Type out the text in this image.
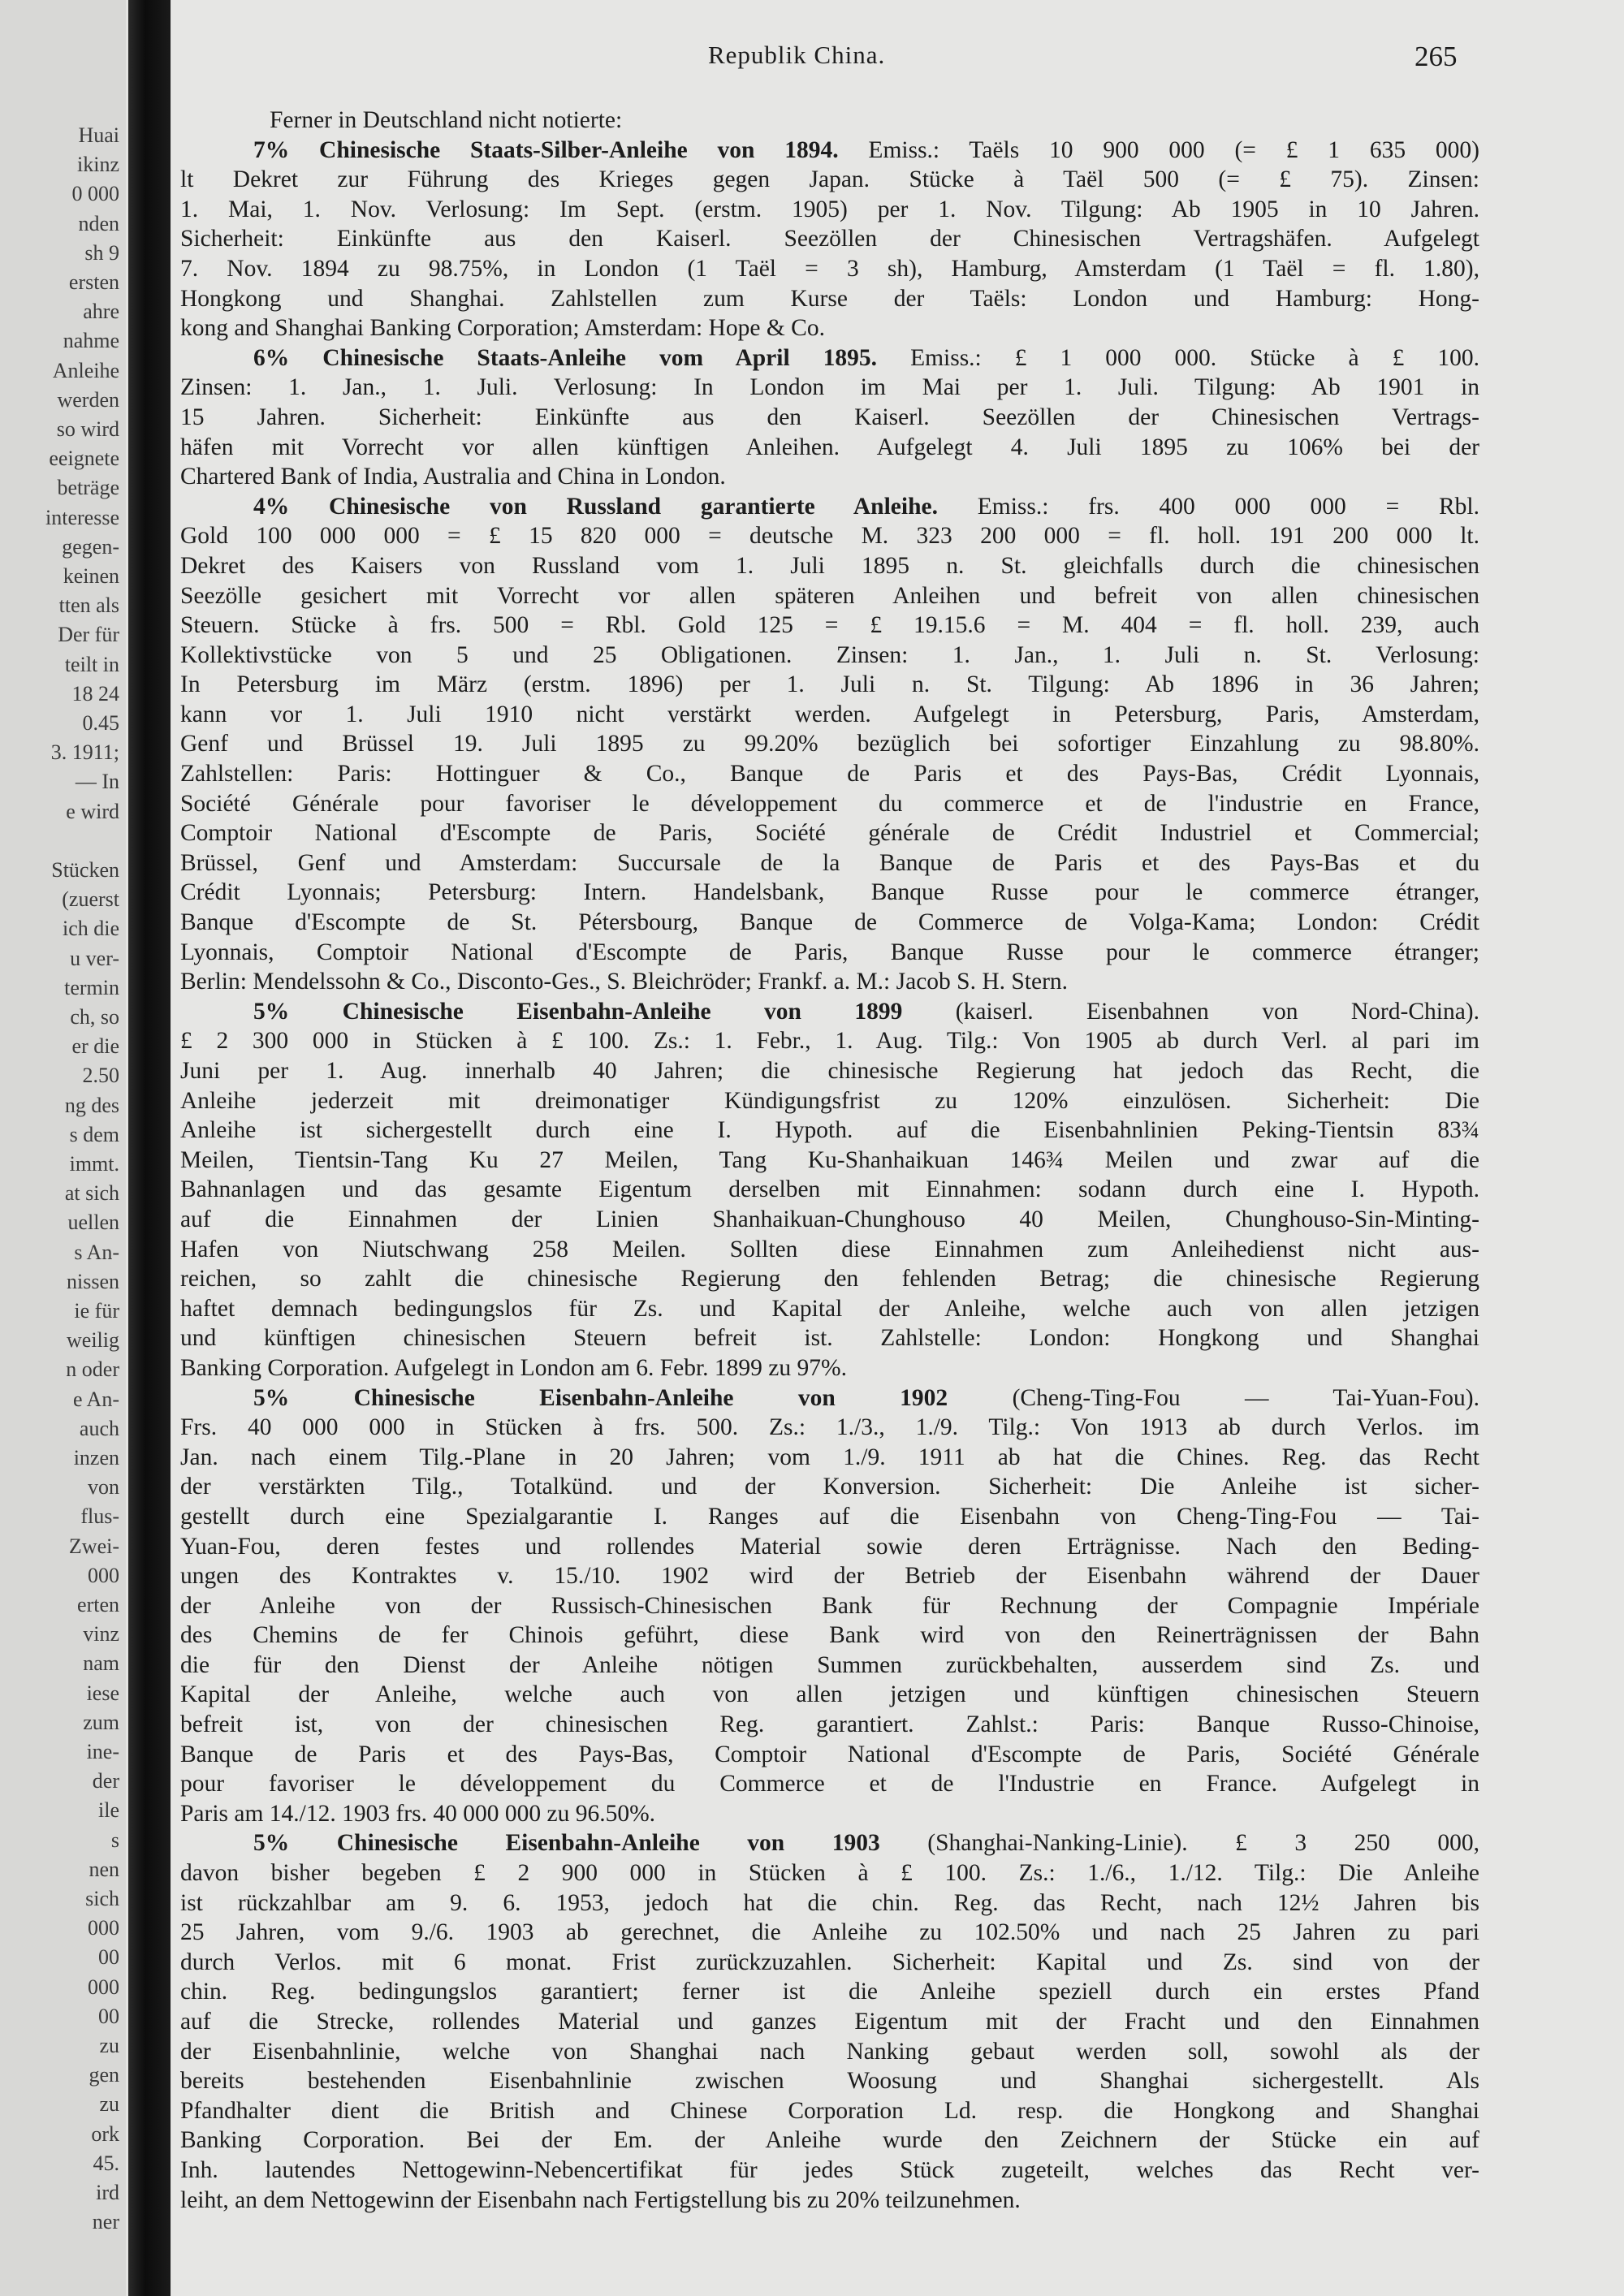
Huai
ikinz
0 000
nden
sh 9
ersten
ahre
nahme
Anleihe
werden
so wird
eeignete
beträge
interesse
gegen-
keinen
tten als
Der für
teilt in
18 24
0.45
3. 1911;
— In
e wird
Stücken
(zuerst
ich die
u ver-
termin
ch, so
er die
2.50
ng des
s dem
immt.
at sich
uellen
s An-
nissen
ie für
weilig
n oder
e An-
auch
inzen
von
flus-
Zwei-
000
erten
vinz
nam
iese
zum
ine-
der
ile
s
nen
sich
000
00
000
00
zu
gen
zu
ork
45.
ird
ner
Republik China.	265
Ferner in Deutschland nicht notierte:
7% Chinesische Staats-Silber-Anleihe von 1894. Emiss.: Taëls 10 900 000 (= £ 1 635 000)
lt Dekret zur Führung des Krieges gegen Japan. Stücke à Taël 500 (= £ 75). Zinsen:
1. Mai, 1. Nov. Verlosung: Im Sept. (erstm. 1905) per 1. Nov. Tilgung: Ab 1905 in 10 Jahren.
Sicherheit: Einkünfte aus den Kaiserl. Seezöllen der Chinesischen Vertragshäfen. Aufgelegt
7. Nov. 1894 zu 98.75%, in London (1 Taël = 3 sh), Hamburg, Amsterdam (1 Taël = fl. 1.80),
Hongkong und Shanghai. Zahlstellen zum Kurse der Taëls: London und Hamburg: Hong-
kong and Shanghai Banking Corporation; Amsterdam: Hope & Co.
6% Chinesische Staats-Anleihe vom April 1895. Emiss.: £ 1 000 000. Stücke à £ 100.
Zinsen: 1. Jan., 1. Juli. Verlosung: In London im Mai per 1. Juli. Tilgung: Ab 1901 in
15 Jahren. Sicherheit: Einkünfte aus den Kaiserl. Seezöllen der Chinesischen Vertrags-
häfen mit Vorrecht vor allen künftigen Anleihen. Aufgelegt 4. Juli 1895 zu 106% bei der
Chartered Bank of India, Australia and China in London.
4% Chinesische von Russland garantierte Anleihe. Emiss.: frs. 400 000 000 = Rbl.
Gold 100 000 000 = £ 15 820 000 = deutsche M. 323 200 000 = fl. holl. 191 200 000 lt.
Dekret des Kaisers von Russland vom 1. Juli 1895 n. St. gleichfalls durch die chinesischen
Seezölle gesichert mit Vorrecht vor allen späteren Anleihen und befreit von allen chinesischen
Steuern. Stücke à frs. 500 = Rbl. Gold 125 = £ 19.15.6 = M. 404 = fl. holl. 239, auch
Kollektivstücke von 5 und 25 Obligationen. Zinsen: 1. Jan., 1. Juli n. St. Verlosung:
In Petersburg im März (erstm. 1896) per 1. Juli n. St. Tilgung: Ab 1896 in 36 Jahren;
kann vor 1. Juli 1910 nicht verstärkt werden. Aufgelegt in Petersburg, Paris, Amsterdam,
Genf und Brüssel 19. Juli 1895 zu 99.20% bezüglich bei sofortiger Einzahlung zu 98.80%.
Zahlstellen: Paris: Hottinguer & Co., Banque de Paris et des Pays-Bas, Crédit Lyonnais,
Société Générale pour favoriser le développement du commerce et de l'industrie en France,
Comptoir National d'Escompte de Paris, Société générale de Crédit Industriel et Commercial;
Brüssel, Genf und Amsterdam: Succursale de la Banque de Paris et des Pays-Bas et du
Crédit Lyonnais; Petersburg: Intern. Handelsbank, Banque Russe pour le commerce étranger,
Banque d'Escompte de St. Pétersbourg, Banque de Commerce de Volga-Kama; London: Crédit
Lyonnais, Comptoir National d'Escompte de Paris, Banque Russe pour le commerce étranger;
Berlin: Mendelssohn & Co., Disconto-Ges., S. Bleichröder; Frankf. a. M.: Jacob S. H. Stern.
5% Chinesische Eisenbahn-Anleihe von 1899 (kaiserl. Eisenbahnen von Nord-China).
£ 2 300 000 in Stücken à £ 100. Zs.: 1. Febr., 1. Aug. Tilg.: Von 1905 ab durch Verl. al pari im
Juni per 1. Aug. innerhalb 40 Jahren; die chinesische Regierung hat jedoch das Recht, die
Anleihe jederzeit mit dreimonatiger Kündigungsfrist zu 120% einzulösen. Sicherheit: Die
Anleihe ist sichergestellt durch eine I. Hypoth. auf die Eisenbahnlinien Peking-Tientsin 83¾
Meilen, Tientsin-Tang Ku 27 Meilen, Tang Ku-Shanhaikuan 146¾ Meilen und zwar auf die
Bahnanlagen und das gesamte Eigentum derselben mit Einnahmen: sodann durch eine I. Hypoth.
auf die Einnahmen der Linien Shanhaikuan-Chunghouso 40 Meilen, Chunghouso-Sin-Minting-
Hafen von Niutschwang 258 Meilen. Sollten diese Einnahmen zum Anleihedienst nicht aus-
reichen, so zahlt die chinesische Regierung den fehlenden Betrag; die chinesische Regierung
haftet demnach bedingungslos für Zs. und Kapital der Anleihe, welche auch von allen jetzigen
und künftigen chinesischen Steuern befreit ist. Zahlstelle: London: Hongkong und Shanghai
Banking Corporation. Aufgelegt in London am 6. Febr. 1899 zu 97%.
5% Chinesische Eisenbahn-Anleihe von 1902	(Cheng-Ting-Fou — Tai-Yuan-Fou).
Frs. 40 000 000 in Stücken à frs. 500. Zs.: 1./3., 1./9. Tilg.: Von 1913 ab durch Verlos. im
Jan. nach einem Tilg.-Plane in 20 Jahren; vom 1./9. 1911 ab hat die Chines. Reg. das Recht
der verstärkten Tilg., Totalkünd. und der Konversion. Sicherheit: Die Anleihe ist sicher-
gestellt durch eine Spezialgarantie I. Ranges auf die Eisenbahn von Cheng-Ting-Fou — Tai-
Yuan-Fou, deren festes und rollendes Material sowie deren Erträgnisse. Nach den Beding-
ungen des Kontraktes v. 15./10. 1902 wird der Betrieb der Eisenbahn während der Dauer
der Anleihe von der Russisch-Chinesischen Bank für Rechnung der Compagnie Impériale
des Chemins de fer Chinois geführt, diese Bank wird von den Reinerträgnissen der Bahn
die für den Dienst der Anleihe nötigen Summen zurückbehalten, ausserdem sind Zs. und
Kapital der Anleihe, welche auch von allen jetzigen und künftigen chinesischen Steuern
befreit ist, von der chinesischen Reg. garantiert. Zahlst.: Paris: Banque Russo-Chinoise,
Banque de Paris et des Pays-Bas, Comptoir National d'Escompte de Paris, Société Générale
pour favoriser le développement du Commerce et de l'Industrie en France. Aufgelegt in
Paris am 14./12. 1903 frs. 40 000 000 zu 96.50%.
5% Chinesische Eisenbahn-Anleihe von 1903 (Shanghai-Nanking-Linie). £ 3 250 000,
davon bisher begeben £ 2 900 000 in Stücken à £ 100. Zs.: 1./6., 1./12. Tilg.: Die Anleihe
ist rückzahlbar am 9. 6. 1953, jedoch hat die chin. Reg. das Recht, nach 12½ Jahren bis
25 Jahren, vom 9./6. 1903 ab gerechnet, die Anleihe zu 102.50% und nach 25 Jahren zu pari
durch Verlos. mit 6 monat. Frist zurückzuzahlen. Sicherheit: Kapital und Zs. sind von der
chin. Reg. bedingungslos garantiert; ferner ist die Anleihe speziell durch ein erstes Pfand
auf die Strecke, rollendes Material und ganzes Eigentum mit der Fracht und den Einnahmen
der Eisenbahnlinie, welche von Shanghai nach Nanking gebaut werden soll, sowohl als der
bereits bestehenden Eisenbahnlinie zwischen Woosung und Shanghai sichergestellt. Als
Pfandhalter dient die British and Chinese Corporation Ld. resp. die Hongkong and Shanghai
Banking Corporation. Bei der Em. der Anleihe wurde den Zeichnern der Stücke ein auf
Inh. lautendes Nettogewinn-Nebencertifikat für jedes Stück zugeteilt, welches das Recht ver-
leiht, an dem Nettogewinn der Eisenbahn nach Fertigstellung bis zu 20% teilzunehmen.
